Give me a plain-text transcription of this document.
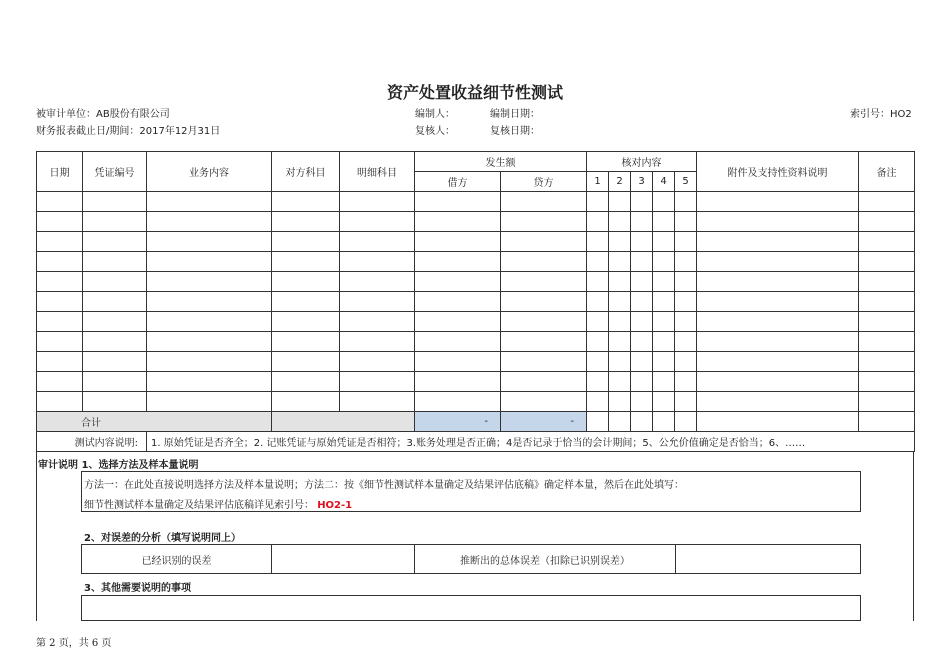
资产处置收益细节性测试
被审计单位：AB股份有限公司
财务报表截止日/期间：2017年12月31日
编制人：	编制日期：
复核人：	复核日期：
索引号：HO2
日期	凭证编号	业务内容	对方科目	明细科目	发生额		核对内容					附件及支持性资料说明	备注
					借方	贷方	1	2	3	4	5		

合计					-	-							
测试内容说明:		1. 原始凭证是否齐全；2. 记账凭证与原始凭证是否相符；3.账务处理是否正确；4是否记录于恰当的会计期间；5、公允价值确定是否恰当；6、……											
审计说明 1、选择方法及样本量说明
方法一：在此处直接说明选择方法及样本量说明；方法二：按《细节性测试样本量确定及结果评估底稿》确定样本量，然后在此处填写：
细节性测试样本量确定及结果评估底稿详见索引号： HO2-1
2、对误差的分析（填写说明同上）
已经识别的误差		推断出的总体误差（扣除已识别误差）	
3、其他需要说明的事项
第 2 页，共 6 页
